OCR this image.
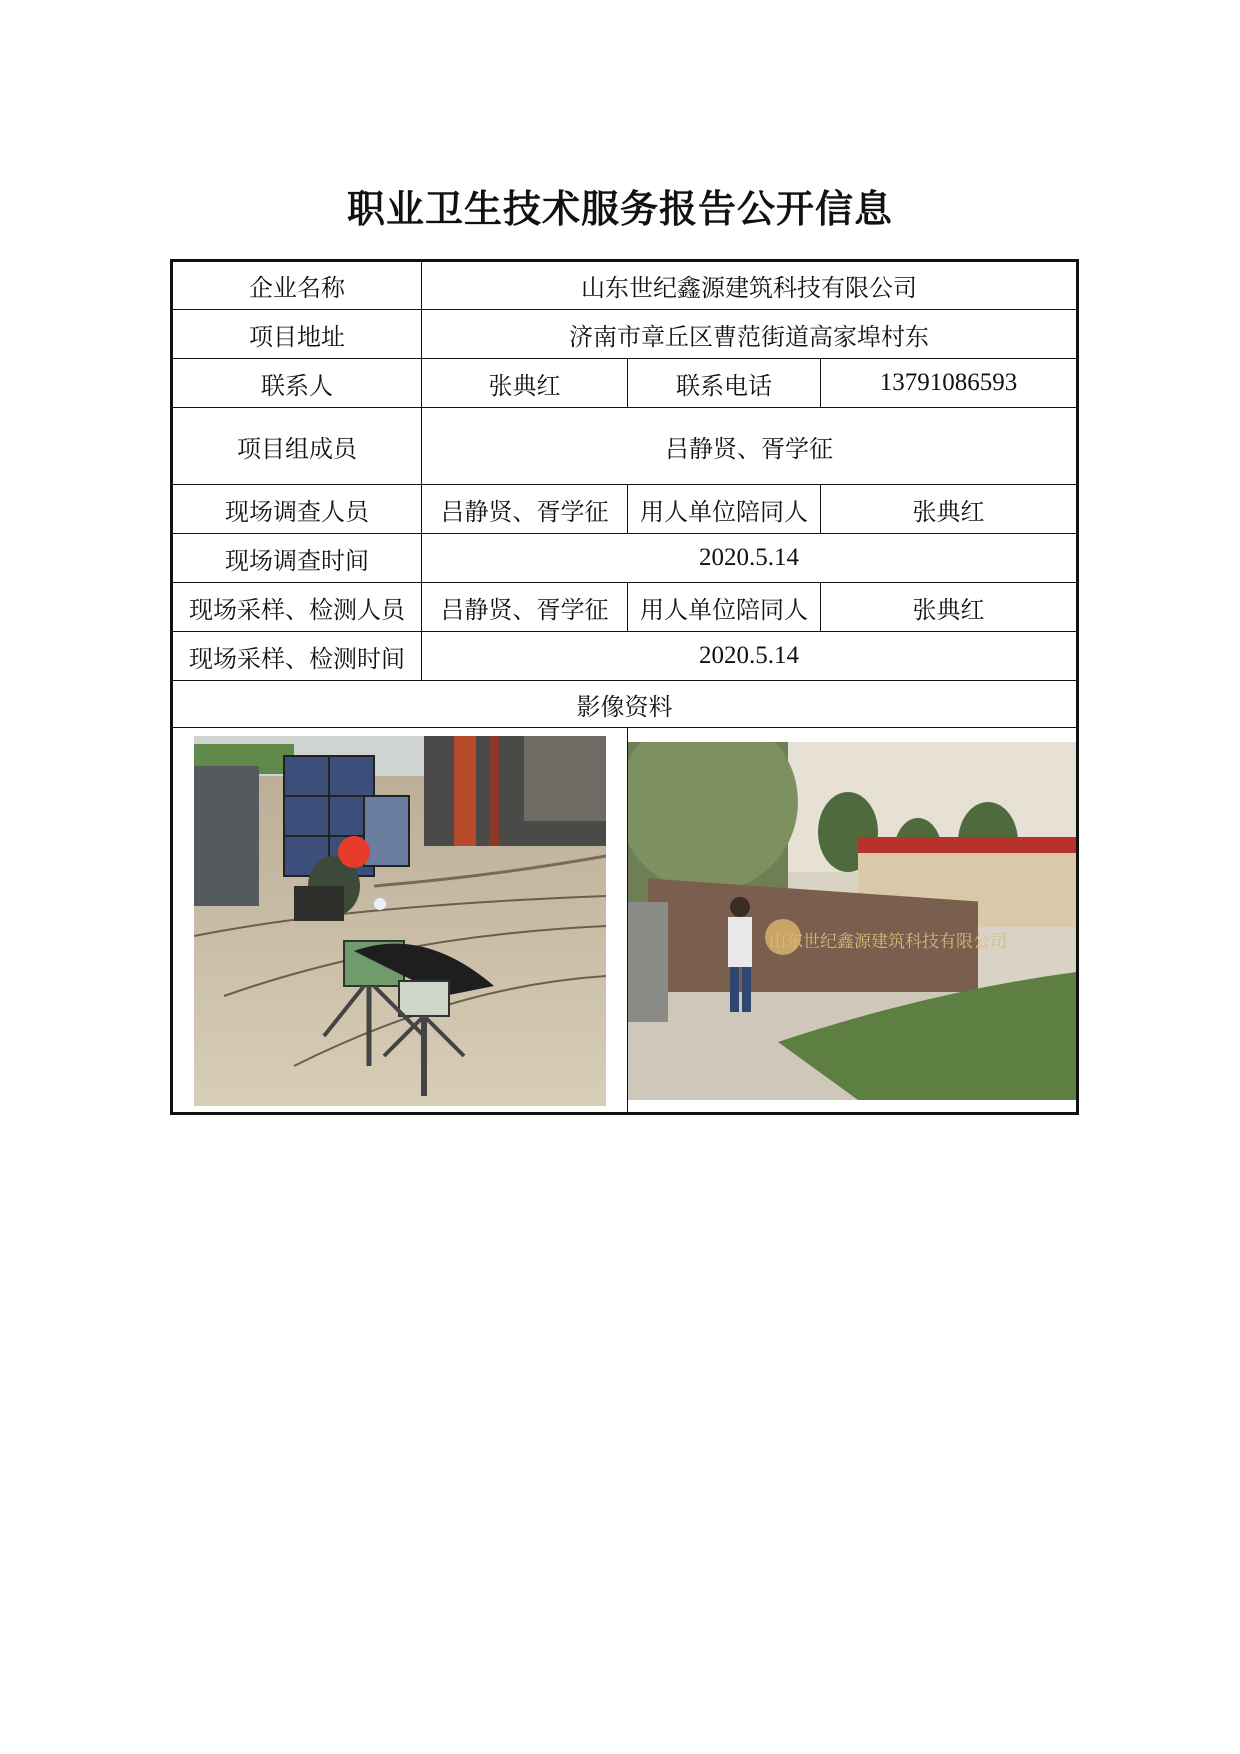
职业卫生技术服务报告公开信息
企业名称	山东世纪鑫源建筑科技有限公司		
项目地址	济南市章丘区曹范街道高家埠村东		
联系人	张典红	联系电话	13791086593
项目组成员	吕静贤、胥学征		
现场调查人员	吕静贤、胥学征	用人单位陪同人	张典红
现场调查时间	2020.5.14		
现场采样、检测人员	吕静贤、胥学征	用人单位陪同人	张典红
现场采样、检测时间	2020.5.14		
影像资料			

山东世纪鑫源建筑科技有限公司	
